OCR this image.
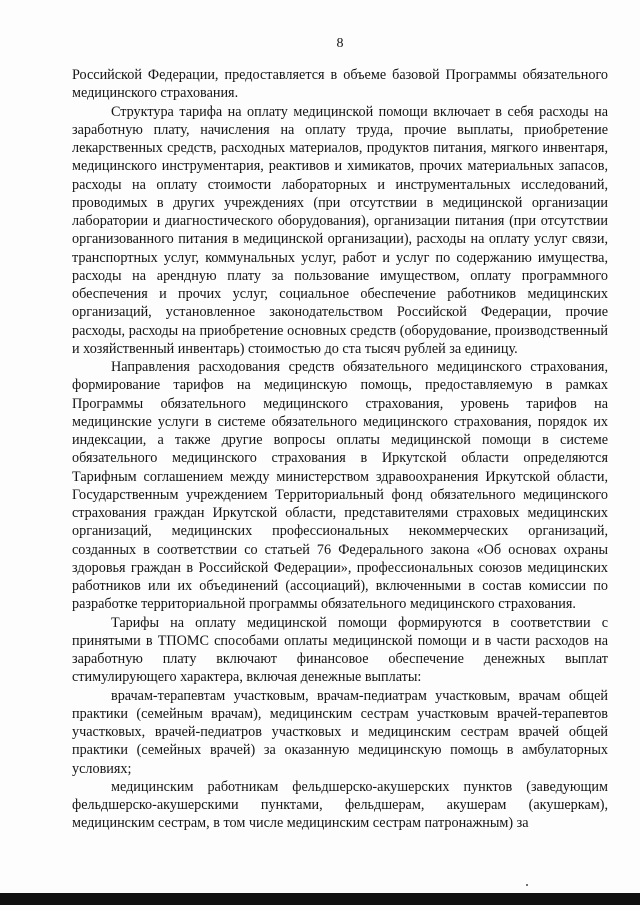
8

Российской Федерации, предоставляется в объеме базовой Программы обязательного медицинского страхования.

Структура тарифа на оплату медицинской помощи включает в себя расходы на заработную плату, начисления на оплату труда, прочие выплаты, приобретение лекарственных средств, расходных материалов, продуктов питания, мягкого инвентаря, медицинского инструментария, реактивов и химикатов, прочих материальных запасов, расходы на оплату стоимости лабораторных и инструментальных исследований, проводимых в других учреждениях (при отсутствии в медицинской организации лаборатории и диагностического оборудования), организации питания (при отсутствии организованного питания в медицинской организации), расходы на оплату услуг связи, транспортных услуг, коммунальных услуг, работ и услуг по содержанию имущества, расходы на арендную плату за пользование имуществом, оплату программного обеспечения и прочих услуг, социальное обеспечение работников медицинских организаций, установленное законодательством Российской Федерации, прочие расходы, расходы на приобретение основных средств (оборудование, производственный и хозяйственный инвентарь) стоимостью до ста тысяч рублей за единицу.

Направления расходования средств обязательного медицинского страхования, формирование тарифов на медицинскую помощь, предоставляемую в рамках Программы обязательного медицинского страхования, уровень тарифов на медицинские услуги в системе обязательного медицинского страхования, порядок их индексации, а также другие вопросы оплаты медицинской помощи в системе обязательного медицинского страхования в Иркутской области определяются Тарифным соглашением между министерством здравоохранения Иркутской области, Государственным учреждением Территориальный фонд обязательного медицинского страхования граждан Иркутской области, представителями страховых медицинских организаций, медицинских профессиональных некоммерческих организаций, созданных в соответствии со статьей 76 Федерального закона «Об основах охраны здоровья граждан в Российской Федерации», профессиональных союзов медицинских работников или их объединений (ассоциаций), включенными в состав комиссии по разработке территориальной программы обязательного медицинского страхования.

Тарифы на оплату медицинской помощи формируются в соответствии с принятыми в ТПОМС способами оплаты медицинской помощи и в части расходов на заработную плату включают финансовое обеспечение денежных выплат стимулирующего характера, включая денежные выплаты:

врачам-терапевтам участковым, врачам-педиатрам участковым, врачам общей практики (семейным врачам), медицинским сестрам участковым врачей-терапевтов участковых, врачей-педиатров участковых и медицинским сестрам врачей общей практики (семейных врачей) за оказанную медицинскую помощь в амбулаторных условиях;

медицинским работникам фельдшерско-акушерских пунктов (заведующим фельдшерско-акушерскими пунктами, фельдшерам, акушерам (акушеркам), медицинским сестрам, в том числе медицинским сестрам патронажным) за
